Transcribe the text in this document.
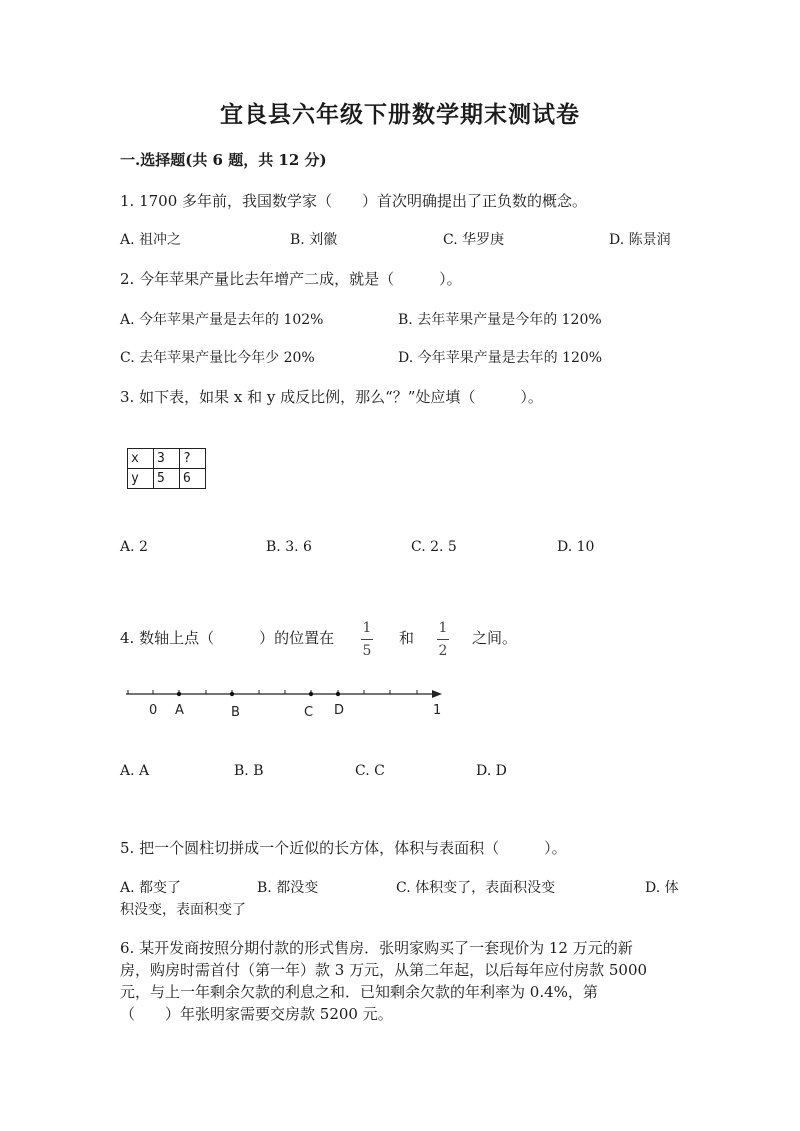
宜良县六年级下册数学期末测试卷
一.选择题(共 6 题，共 12 分)
1. 1700 多年前，我国数学家（　　）首次明确提出了正负数的概念。
A. 祖冲之	B. 刘徽	C. 华罗庚	D. 陈景润
2. 今年苹果产量比去年增产二成，就是（　　　）。
A. 今年苹果产量是去年的 102%	B. 去年苹果产量是今年的 120%
C. 去年苹果产量比今年少 20%	D. 今年苹果产量是去年的 120%
3. 如下表，如果 x 和 y 成反比例，那么“？”处应填（　　　）。
x	3	?
y	5	6
A. 2	B. 3. 6	C. 2. 5	D. 10
4. 数轴上点（　　　）的位置在
1
5
和
1
2
之间。
0 A	B	C D	1
A. A	B. B	C. C	D. D
5. 把一个圆柱切拼成一个近似的长方体，体积与表面积（　　　）。
A. 都变了	B. 都没变	C. 体积变了，表面积没变	D. 体
积没变，表面积变了
6. 某开发商按照分期付款的形式售房．张明家购买了一套现价为 12 万元的新
房，购房时需首付（第一年）款 3 万元，从第二年起，以后每年应付房款 5000
元，与上一年剩余欠款的利息之和．已知剩余欠款的年利率为 0.4%，第
（　　）年张明家需要交房款 5200 元。
